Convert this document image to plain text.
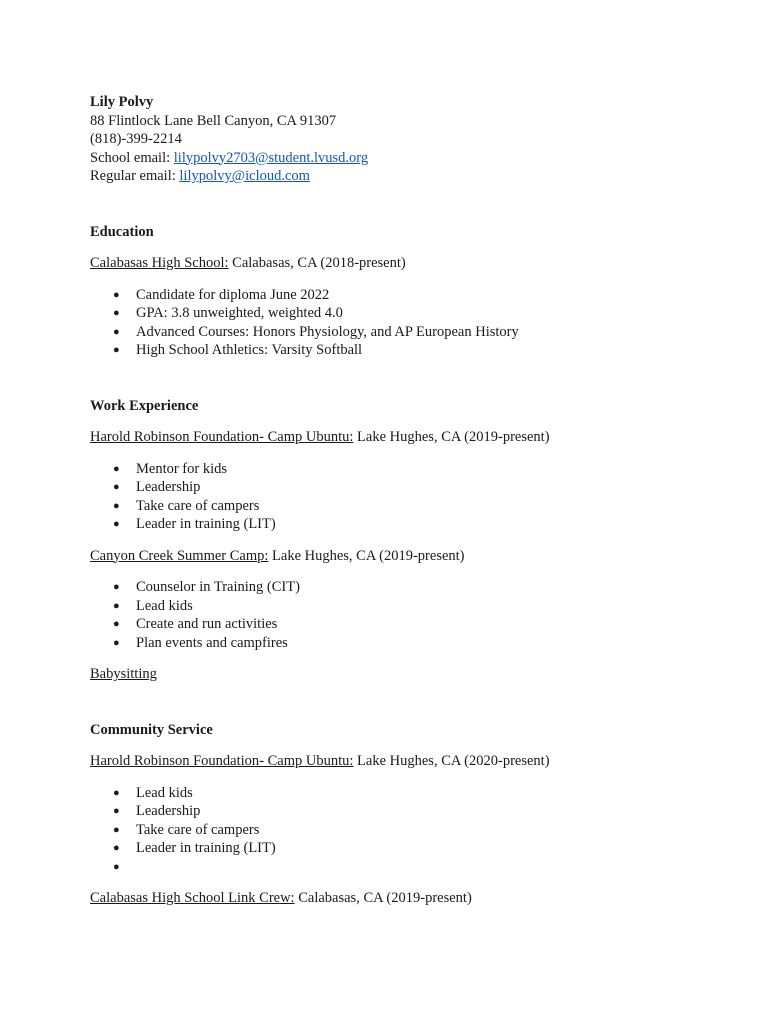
Lily Polvy
88 Flintlock Lane Bell Canyon, CA 91307
(818)-399-2214
School email: lilypolvy2703@student.lvusd.org
Regular email: lilypolvy@icloud.com
Education
Calabasas High School: Calabasas, CA (2018-present)
● Candidate for diploma June 2022
● GPA: 3.8 unweighted, weighted 4.0
● Advanced Courses: Honors Physiology, and AP European History
● High School Athletics: Varsity Softball
Work Experience
Harold Robinson Foundation- Camp Ubuntu: Lake Hughes, CA (2019-present)
● Mentor for kids
● Leadership
● Take care of campers
● Leader in training (LIT)
Canyon Creek Summer Camp: Lake Hughes, CA (2019-present)
● Counselor in Training (CIT)
● Lead kids
● Create and run activities
● Plan events and campfires
Babysitting
Community Service
Harold Robinson Foundation- Camp Ubuntu: Lake Hughes, CA (2020-present)
● Lead kids
● Leadership
● Take care of campers
● Leader in training (LIT)
●
Calabasas High School Link Crew: Calabasas, CA (2019-present)
